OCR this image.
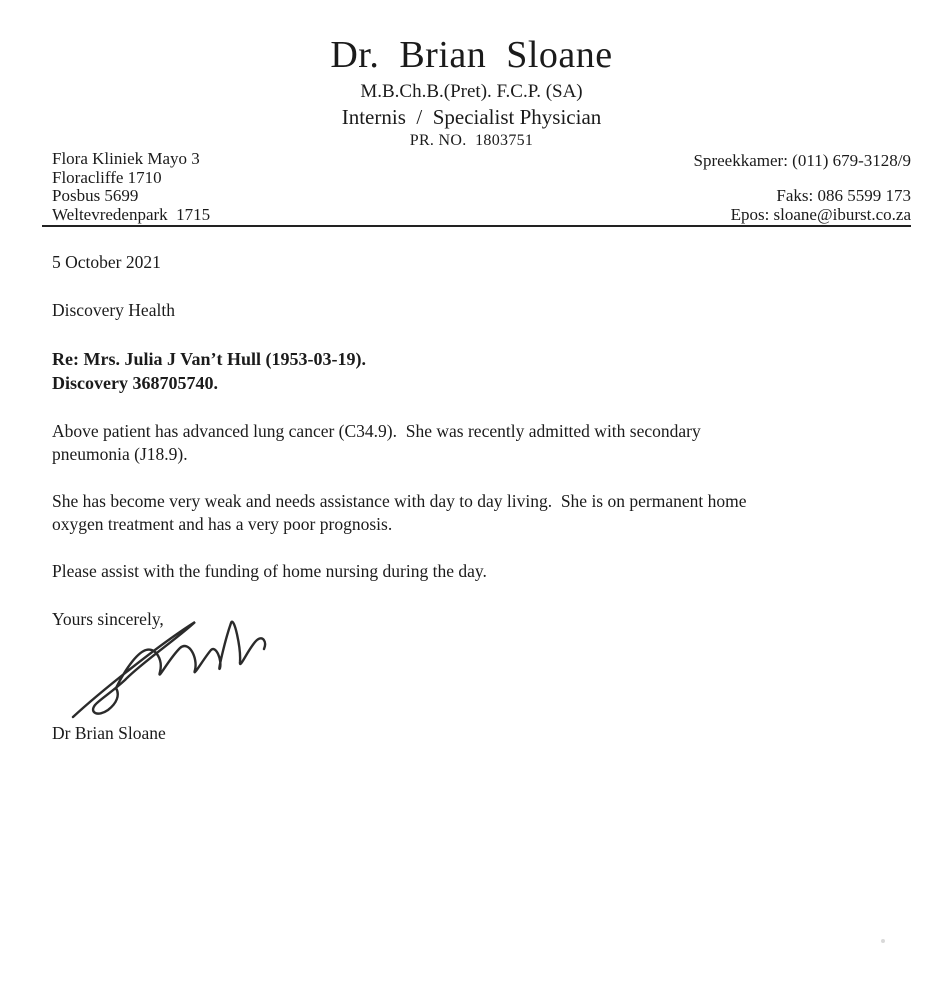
Dr.  Brian  Sloane
M.B.Ch.B.(Pret). F.C.P. (SA)
Internis  /  Specialist Physician
PR. NO.  1803751
Flora Kliniek Mayo 3
Floracliffe 1710
Posbus 5699
Weltevredenpark  1715
Spreekkamer: (011) 679-3128/9
Faks: 086 5599 173
Epos: sloane@iburst.co.za
5 October 2021
Discovery Health
Re: Mrs. Julia J Van’t Hull (1953-03-19).
Discovery 368705740.
Above patient has advanced lung cancer (C34.9).  She was recently admitted with secondary
pneumonia (J18.9).
She has become very weak and needs assistance with day to day living.  She is on permanent home
oxygen treatment and has a very poor prognosis.
Please assist with the funding of home nursing during the day.
Yours sincerely,
Dr Brian Sloane
